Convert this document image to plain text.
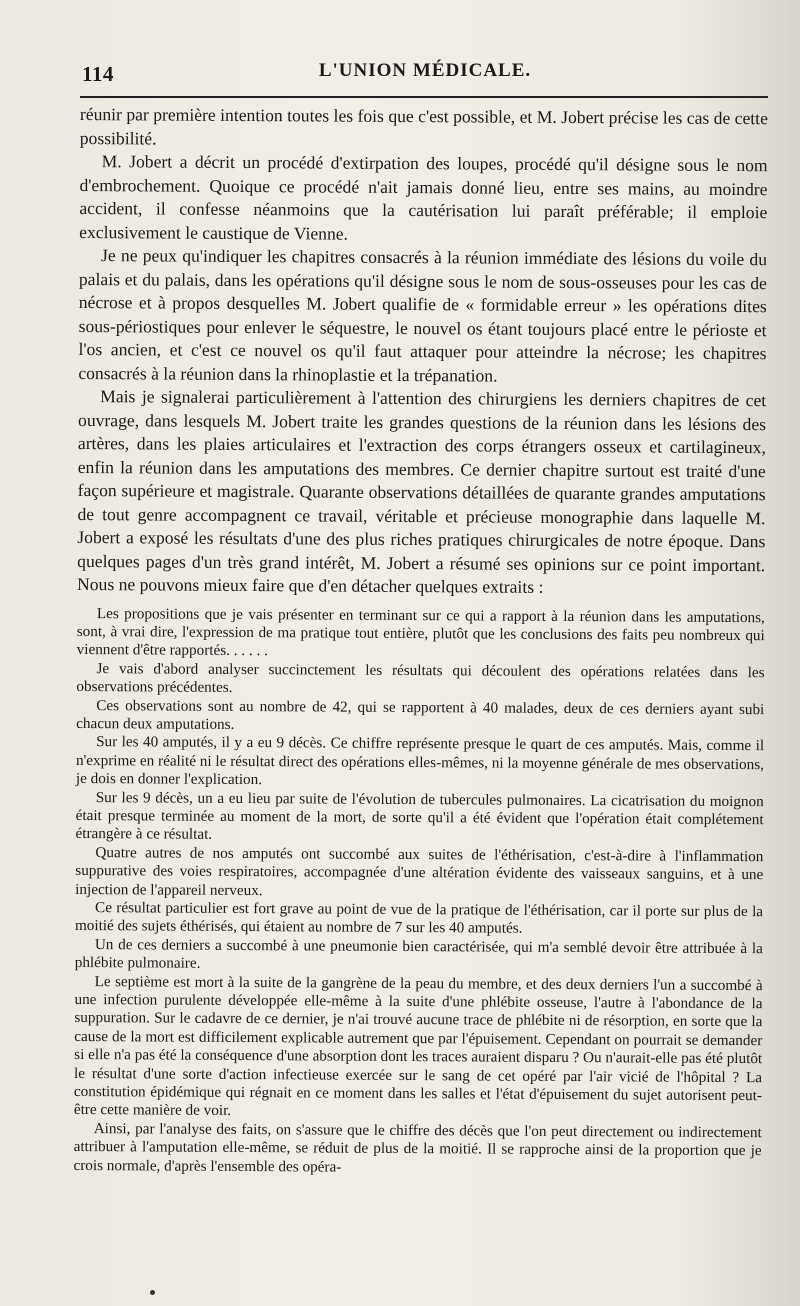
114	L'UNION MÉDICALE.

réunir par première intention toutes les fois que c'est possible, et M. Jobert précise les cas de cette possibilité.

M. Jobert a décrit un procédé d'extirpation des loupes, procédé qu'il désigne sous le nom d'embrochement. Quoique ce procédé n'ait jamais donné lieu, entre ses mains, au moindre accident, il confesse néanmoins que la cautérisation lui paraît préférable; il emploie exclusivement le caustique de Vienne.

Je ne peux qu'indiquer les chapitres consacrés à la réunion immédiate des lésions du voile du palais et du palais, dans les opérations qu'il désigne sous le nom de sous-osseuses pour les cas de nécrose et à propos desquelles M. Jobert qualifie de « formidable erreur » les opérations dites sous-périostiques pour enlever le séquestre, le nouvel os étant toujours placé entre le périoste et l'os ancien, et c'est ce nouvel os qu'il faut attaquer pour atteindre la nécrose; les chapitres consacrés à la réunion dans la rhinoplastie et la trépanation.

Mais je signalerai particulièrement à l'attention des chirurgiens les derniers chapitres de cet ouvrage, dans lesquels M. Jobert traite les grandes questions de la réunion dans les lésions des artères, dans les plaies articulaires et l'extraction des corps étrangers osseux et cartilagineux, enfin la réunion dans les amputations des membres. Ce dernier chapitre surtout est traité d'une façon supérieure et magistrale. Quarante observations détaillées de quarante grandes amputations de tout genre accompagnent ce travail, véritable et précieuse monographie dans laquelle M. Jobert a exposé les résultats d'une des plus riches pratiques chirurgicales de notre époque. Dans quelques pages d'un très grand intérêt, M. Jobert a résumé ses opinions sur ce point important. Nous ne pouvons mieux faire que d'en détacher quelques extraits :

Les propositions que je vais présenter en terminant sur ce qui a rapport à la réunion dans les amputations, sont, à vrai dire, l'expression de ma pratique tout entière, plutôt que les conclusions des faits peu nombreux qui viennent d'être rapportés. . . . . .

Je vais d'abord analyser succinctement les résultats qui découlent des opérations relatées dans les observations précédentes.

Ces observations sont au nombre de 42, qui se rapportent à 40 malades, deux de ces derniers ayant subi chacun deux amputations.

Sur les 40 amputés, il y a eu 9 décès. Ce chiffre représente presque le quart de ces amputés. Mais, comme il n'exprime en réalité ni le résultat direct des opérations elles-mêmes, ni la moyenne générale de mes observations, je dois en donner l'explication.

Sur les 9 décès, un a eu lieu par suite de l'évolution de tubercules pulmonaires. La cicatrisation du moignon était presque terminée au moment de la mort, de sorte qu'il a été évident que l'opération était complétement étrangère à ce résultat.

Quatre autres de nos amputés ont succombé aux suites de l'éthérisation, c'est-à-dire à l'inflammation suppurative des voies respiratoires, accompagnée d'une altération évidente des vaisseaux sanguins, et à une injection de l'appareil nerveux.

Ce résultat particulier est fort grave au point de vue de la pratique de l'éthérisation, car il porte sur plus de la moitié des sujets éthérisés, qui étaient au nombre de 7 sur les 40 amputés.

Un de ces derniers a succombé à une pneumonie bien caractérisée, qui m'a semblé devoir être attribuée à la phlébite pulmonaire.

Le septième est mort à la suite de la gangrène de la peau du membre, et des deux derniers l'un a succombé à une infection purulente développée elle-même à la suite d'une phlébite osseuse, l'autre à l'abondance de la suppuration. Sur le cadavre de ce dernier, je n'ai trouvé aucune trace de phlébite ni de résorption, en sorte que la cause de la mort est difficilement explicable autrement que par l'épuisement. Cependant on pourrait se demander si elle n'a pas été la conséquence d'une absorption dont les traces auraient disparu ? Ou n'aurait-elle pas été plutôt le résultat d'une sorte d'action infectieuse exercée sur le sang de cet opéré par l'air vicié de l'hôpital ? La constitution épidémique qui régnait en ce moment dans les salles et l'état d'épuisement du sujet autorisent peut-être cette manière de voir.

Ainsi, par l'analyse des faits, on s'assure que le chiffre des décès que l'on peut directement ou indirectement attribuer à l'amputation elle-même, se réduit de plus de la moitié. Il se rapproche ainsi de la proportion que je crois normale, d'après l'ensemble des opéra-
